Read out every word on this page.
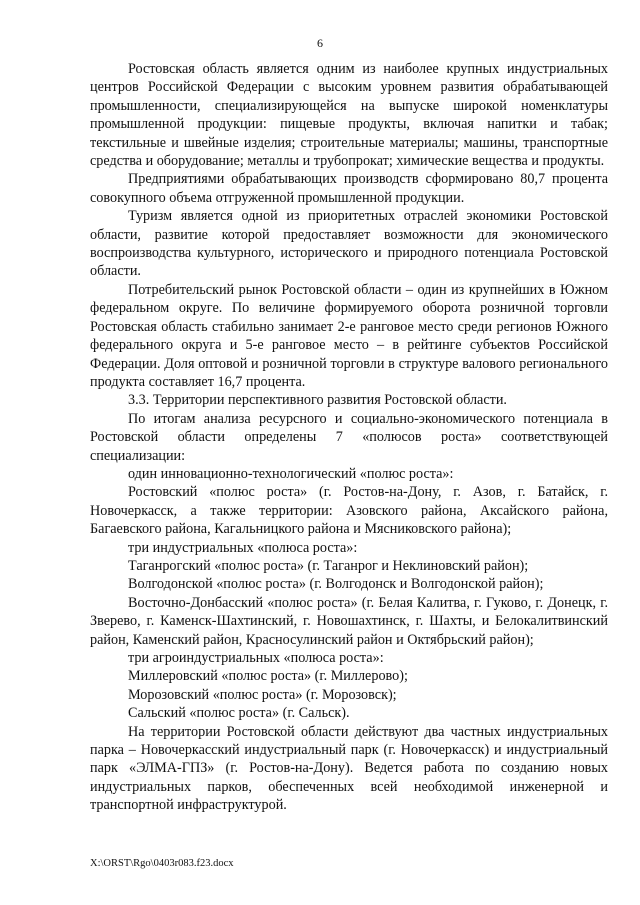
6

Ростовская область является одним из наиболее крупных индустриальных центров Российской Федерации с высоким уровнем развития обрабатывающей промышленности, специализирующейся на выпуске широкой номенклатуры промышленной продукции: пищевые продукты, включая напитки и табак; текстильные и швейные изделия; строительные материалы; машины, транспортные средства и оборудование; металлы и трубопрокат; химические вещества и продукты.

Предприятиями обрабатывающих производств сформировано 80,7 процента совокупного объема отгруженной промышленной продукции.

Туризм является одной из приоритетных отраслей экономики Ростовской области, развитие которой предоставляет возможности для экономического воспроизводства культурного, исторического и природного потенциала Ростовской области.

Потребительский рынок Ростовской области – один из крупнейших в Южном федеральном округе. По величине формируемого оборота розничной торговли Ростовская область стабильно занимает 2-е ранговое место среди регионов Южного федерального округа и 5-е ранговое место – в рейтинге субъектов Российской Федерации. Доля оптовой и розничной торговли в структуре валового регионального продукта составляет 16,7 процента.

3.3. Территории перспективного развития Ростовской области.

По итогам анализа ресурсного и социально-экономического потенциала в Ростовской области определены 7 «полюсов роста» соответствующей специализации:

один инновационно-технологический «полюс роста»:

Ростовский «полюс роста» (г. Ростов-на-Дону, г. Азов, г. Батайск, г. Новочеркасск, а также территории: Азовского района, Аксайского района, Багаевского района, Кагальницкого района и Мясниковского района);

три индустриальных «полюса роста»:

Таганрогский «полюс роста» (г. Таганрог и Неклиновский район);

Волгодонской «полюс роста» (г. Волгодонск и Волгодонской район);

Восточно-Донбасский «полюс роста» (г. Белая Калитва, г. Гуково, г. Донецк, г. Зверево, г. Каменск-Шахтинский, г. Новошахтинск, г. Шахты, и Белокалитвинский район, Каменский район, Красносулинский район и Октябрьский район);

три агроиндустриальных «полюса роста»:

Миллеровский «полюс роста» (г. Миллерово);

Морозовский «полюс роста» (г. Морозовск);

Сальский «полюс роста» (г. Сальск).

На территории Ростовской области действуют два частных индустриальных парка – Новочеркасский индустриальный парк (г. Новочеркасск) и индустриальный парк «ЭЛМА-ГПЗ» (г. Ростов-на-Дону). Ведется работа по созданию новых индустриальных парков, обеспеченных всей необходимой инженерной и транспортной инфраструктурой.

X:\ORST\Rgo\0403r083.f23.docx
